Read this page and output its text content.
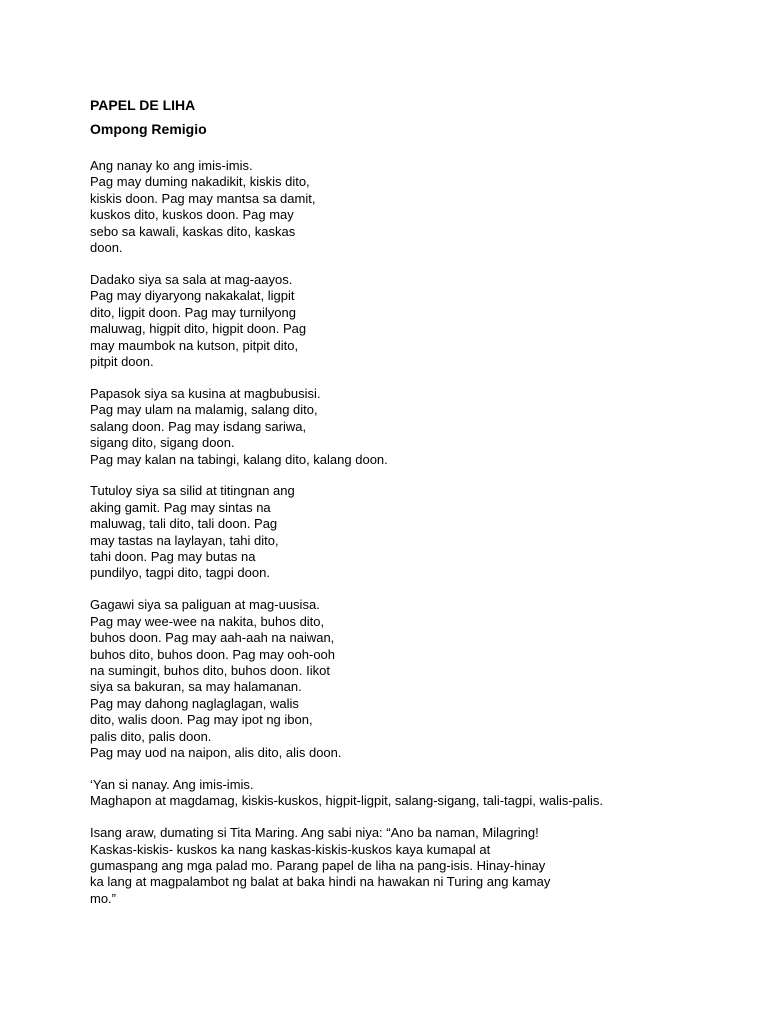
PAPEL DE LIHA
Ompong Remigio
Ang nanay ko ang imis-imis.
Pag may duming nakadikit, kiskis dito,
kiskis doon. Pag may mantsa sa damit,
kuskos dito, kuskos doon. Pag may
sebo sa kawali, kaskas dito, kaskas
doon.
Dadako siya sa sala at mag-aayos.
Pag may diyaryong nakakalat, ligpit
dito, ligpit doon. Pag may turnilyong
maluwag, higpit dito, higpit doon. Pag
may maumbok na kutson, pitpit dito,
pitpit doon.
Papasok siya sa kusina at magbubusisi.
Pag may ulam na malamig, salang dito,
salang doon. Pag may isdang sariwa,
sigang dito, sigang doon.
Pag may kalan na tabingi, kalang dito, kalang doon.
Tutuloy siya sa silid at titingnan ang
aking gamit. Pag may sintas na
maluwag, tali dito, tali doon. Pag
may tastas na laylayan, tahi dito,
tahi doon. Pag may butas na
pundilyo, tagpi dito, tagpi doon.
Gagawi siya sa paliguan at mag-uusisa.
Pag may wee-wee na nakita, buhos dito,
buhos doon. Pag may aah-aah na naiwan,
buhos dito, buhos doon. Pag may ooh-ooh
na sumingit, buhos dito, buhos doon. Iikot
siya sa bakuran, sa may halamanan.
Pag may dahong naglaglagan, walis
dito, walis doon. Pag may ipot ng ibon,
palis dito, palis doon.
Pag may uod na naipon, alis dito, alis doon.
‘Yan si nanay. Ang imis-imis.
Maghapon at magdamag, kiskis-kuskos, higpit-ligpit, salang-sigang, tali-tagpi, walis-palis.
Isang araw, dumating si Tita Maring. Ang sabi niya: “Ano ba naman, Milagring!
Kaskas-kiskis- kuskos ka nang kaskas-kiskis-kuskos kaya kumapal at
gumaspang ang mga palad mo. Parang papel de liha na pang-isis. Hinay-hinay
ka lang at magpalambot ng balat at baka hindi na hawakan ni Turing ang kamay
mo.”
